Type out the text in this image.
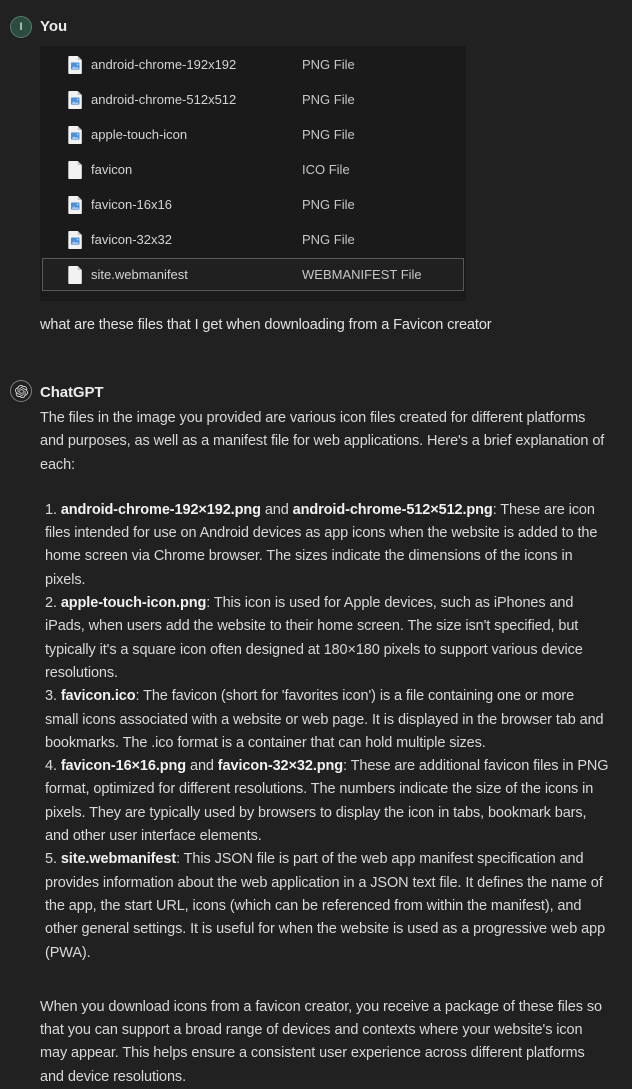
I You
android-chrome-192x192	PNG File
android-chrome-512x512	PNG File
apple-touch-icon	PNG File
favicon	ICO File
favicon-16x16	PNG File
favicon-32x32	PNG File
site.webmanifest	WEBMANIFEST File
what are these files that I get when downloading from a Favicon creator
ChatGPT

The files in the image you provided are various icon files created for different platforms and purposes, as well as a manifest file for web applications. Here's a brief explanation of each:

1. android-chrome-192×192.png and android-chrome-512×512.png: These are icon files intended for use on Android devices as app icons when the website is added to the home screen via Chrome browser. The sizes indicate the dimensions of the icons in pixels.
2. apple-touch-icon.png: This icon is used for Apple devices, such as iPhones and iPads, when users add the website to their home screen. The size isn't specified, but typically it's a square icon often designed at 180×180 pixels to support various device resolutions.
3. favicon.ico: The favicon (short for 'favorites icon') is a file containing one or more small icons associated with a website or web page. It is displayed in the browser tab and bookmarks. The .ico format is a container that can hold multiple sizes.
4. favicon-16×16.png and favicon-32×32.png: These are additional favicon files in PNG format, optimized for different resolutions. The numbers indicate the size of the icons in pixels. They are typically used by browsers to display the icon in tabs, bookmark bars, and other user interface elements.
5. site.webmanifest: This JSON file is part of the web app manifest specification and provides information about the web application in a JSON text file. It defines the name of the app, the start URL, icons (which can be referenced from within the manifest), and other general settings. It is useful for when the website is used as a progressive web app (PWA).

When you download icons from a favicon creator, you receive a package of these files so that you can support a broad range of devices and contexts where your website's icon may appear. This helps ensure a consistent user experience across different platforms and device resolutions.
